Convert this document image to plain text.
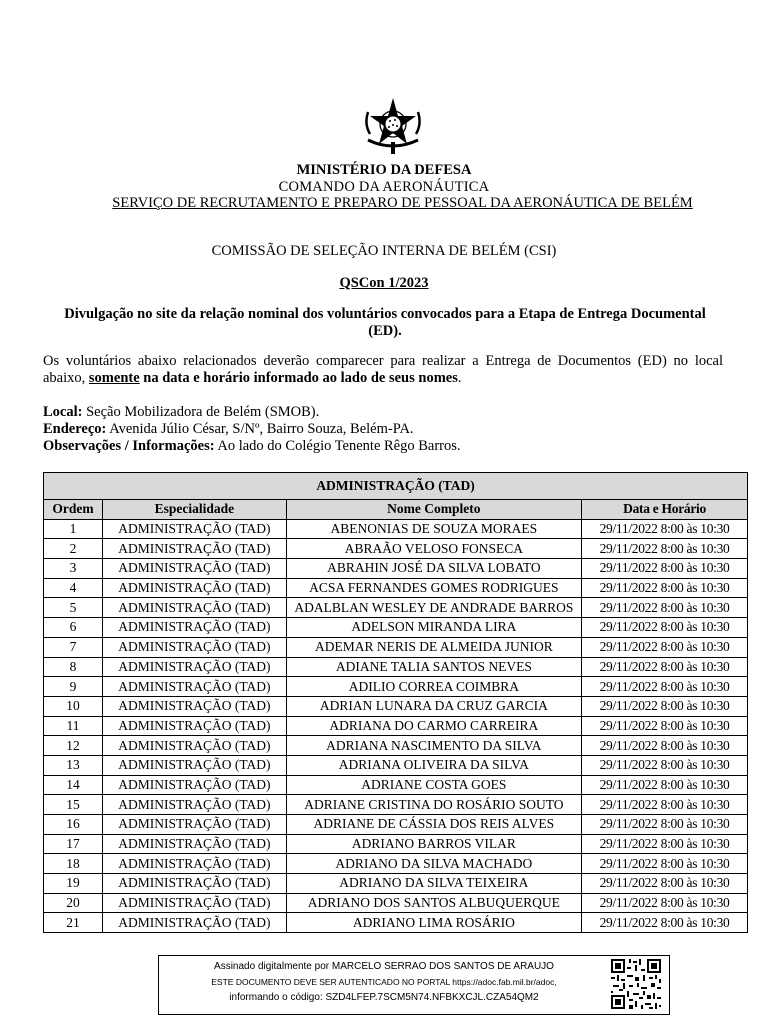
MINISTÉRIO DA DEFESA
COMANDO DA AERONÁUTICA
SERVIÇO DE RECRUTAMENTO E PREPARO DE PESSOAL DA AERONÁUTICA DE BELÉM
COMISSÃO DE SELEÇÃO INTERNA DE BELÉM (CSI)
QSCon 1/2023
Divulgação no site da relação nominal dos voluntários convocados para a Etapa de Entrega Documental (ED).
Os voluntários abaixo relacionados deverão comparecer para realizar a Entrega de Documentos (ED) no local abaixo, somente na data e horário informado ao lado de seus nomes.
Local: Seção Mobilizadora de Belém (SMOB).
Endereço: Avenida Júlio César, S/Nº, Bairro Souza, Belém-PA.
Observações / Informações: Ao lado do Colégio Tenente Rêgo Barros.
ADMINISTRAÇÃO (TAD)			
Ordem	Especialidade	Nome Completo	Data e Horário
1	ADMINISTRAÇÃO (TAD)	ABENONIAS DE SOUZA MORAES	29/11/2022 8:00 às 10:30
2	ADMINISTRAÇÃO (TAD)	ABRAÃO VELOSO FONSECA	29/11/2022 8:00 às 10:30
3	ADMINISTRAÇÃO (TAD)	ABRAHIN JOSÉ DA SILVA LOBATO	29/11/2022 8:00 às 10:30
4	ADMINISTRAÇÃO (TAD)	ACSA FERNANDES GOMES RODRIGUES	29/11/2022 8:00 às 10:30
5	ADMINISTRAÇÃO (TAD)	ADALBLAN WESLEY DE ANDRADE BARROS	29/11/2022 8:00 às 10:30
6	ADMINISTRAÇÃO (TAD)	ADELSON MIRANDA LIRA	29/11/2022 8:00 às 10:30
7	ADMINISTRAÇÃO (TAD)	ADEMAR NERIS DE ALMEIDA JUNIOR	29/11/2022 8:00 às 10:30
8	ADMINISTRAÇÃO (TAD)	ADIANE TALIA SANTOS NEVES	29/11/2022 8:00 às 10:30
9	ADMINISTRAÇÃO (TAD)	ADILIO CORREA COIMBRA	29/11/2022 8:00 às 10:30
10	ADMINISTRAÇÃO (TAD)	ADRIAN LUNARA DA CRUZ GARCIA	29/11/2022 8:00 às 10:30
11	ADMINISTRAÇÃO (TAD)	ADRIANA DO CARMO CARREIRA	29/11/2022 8:00 às 10:30
12	ADMINISTRAÇÃO (TAD)	ADRIANA NASCIMENTO DA SILVA	29/11/2022 8:00 às 10:30
13	ADMINISTRAÇÃO (TAD)	ADRIANA OLIVEIRA DA SILVA	29/11/2022 8:00 às 10:30
14	ADMINISTRAÇÃO (TAD)	ADRIANE COSTA GOES	29/11/2022 8:00 às 10:30
15	ADMINISTRAÇÃO (TAD)	ADRIANE CRISTINA DO ROSÁRIO SOUTO	29/11/2022 8:00 às 10:30
16	ADMINISTRAÇÃO (TAD)	ADRIANE DE CÁSSIA DOS REIS ALVES	29/11/2022 8:00 às 10:30
17	ADMINISTRAÇÃO (TAD)	ADRIANO BARROS VILAR	29/11/2022 8:00 às 10:30
18	ADMINISTRAÇÃO (TAD)	ADRIANO DA SILVA MACHADO	29/11/2022 8:00 às 10:30
19	ADMINISTRAÇÃO (TAD)	ADRIANO DA SILVA TEIXEIRA	29/11/2022 8:00 às 10:30
20	ADMINISTRAÇÃO (TAD)	ADRIANO DOS SANTOS ALBUQUERQUE	29/11/2022 8:00 às 10:30
21	ADMINISTRAÇÃO (TAD)	ADRIANO LIMA ROSÁRIO	29/11/2022 8:00 às 10:30
Assinado digitalmente por MARCELO SERRAO DOS SANTOS DE ARAUJO
ESTE DOCUMENTO DEVE SER AUTENTICADO NO PORTAL https://adoc.fab.mil.br/adoc,
informando o código: SZD4LFEP.7SCM5N74.NFBKXCJL.CZA54QM2
